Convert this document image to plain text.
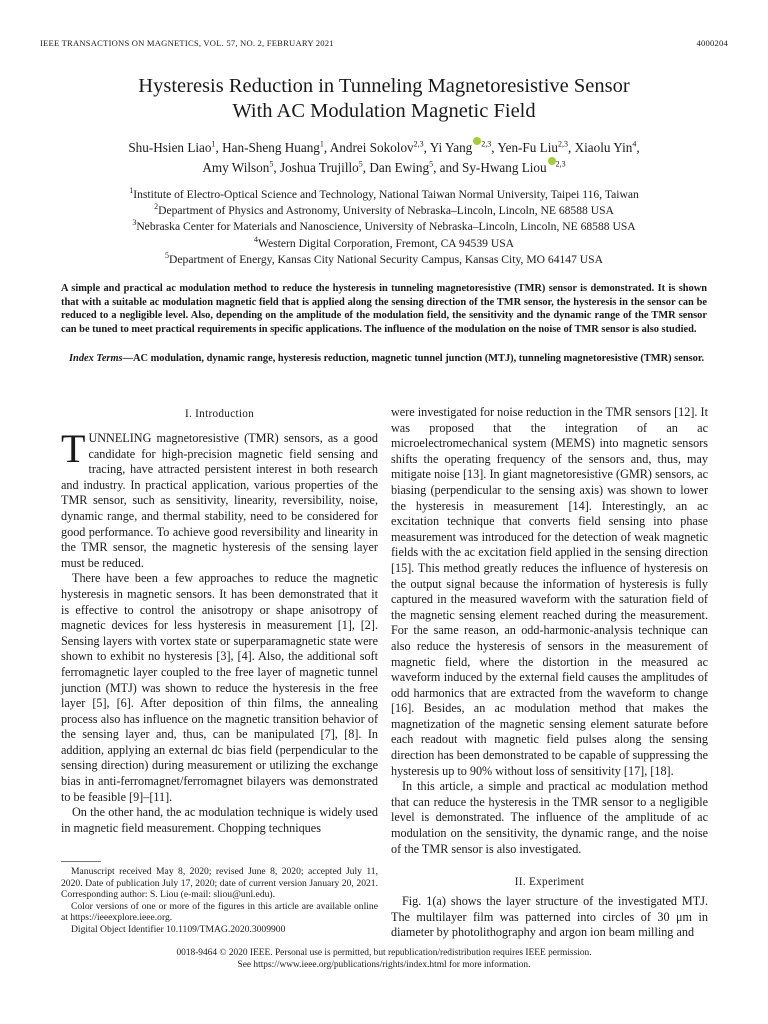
IEEE TRANSACTIONS ON MAGNETICS, VOL. 57, NO. 2, FEBRUARY 2021	4000204
Hysteresis Reduction in Tunneling Magnetoresistive Sensor
With AC Modulation Magnetic Field
Shu-Hsien Liao$^1$, Han-Sheng Huang$^1$, Andrei Sokolov$^{2,3}$, Yi Yang $^{2,3}$, Yen-Fu Liu$^{2,3}$, Xiaolu Yin$^4$,
Amy Wilson$^5$, Joshua Trujillo$^5$, Dan Ewing$^5$, and Sy-Hwang Liou $^{2,3}$
$^1$Institute of Electro-Optical Science and Technology, National Taiwan Normal University, Taipei 116, Taiwan
$^2$Department of Physics and Astronomy, University of Nebraska–Lincoln, Lincoln, NE 68588 USA
$^3$Nebraska Center for Materials and Nanoscience, University of Nebraska–Lincoln, Lincoln, NE 68588 USA
$^4$Western Digital Corporation, Fremont, CA 94539 USA
$^5$Department of Energy, Kansas City National Security Campus, Kansas City, MO 64147 USA

A simple and practical ac modulation method to reduce the hysteresis in tunneling magnetoresistive (TMR) sensor is demonstrated. It is shown that with a suitable ac modulation magnetic field that is applied along the sensing direction of the TMR sensor, the hysteresis in the sensor can be reduced to a negligible level. Also, depending on the amplitude of the modulation field, the sensitivity and the dynamic range of the TMR sensor can be tuned to meet practical requirements in specific applications. The influence of the modulation on the noise of TMR sensor is also studied.

Index Terms—AC modulation, dynamic range, hysteresis reduction, magnetic tunnel junction (MTJ), tunneling magnetoresistive (TMR) sensor.
I. Introduction

TUNNELING magnetoresistive (TMR) sensors, as a good candidate for high-precision magnetic field sensing and tracing, have attracted persistent interest in both research and industry. In practical application, various properties of the TMR sensor, such as sensitivity, linearity, reversibility, noise, dynamic range, and thermal stability, need to be considered for good performance. To achieve good reversibility and linearity in the TMR sensor, the magnetic hysteresis of the sensing layer must be reduced.

There have been a few approaches to reduce the magnetic hysteresis in magnetic sensors. It has been demonstrated that it is effective to control the anisotropy or shape anisotropy of magnetic devices for less hysteresis in measurement [1], [2]. Sensing layers with vortex state or superparamagnetic state were shown to exhibit no hysteresis [3], [4]. Also, the additional soft ferromagnetic layer coupled to the free layer of magnetic tunnel junction (MTJ) was shown to reduce the hysteresis in the free layer [5], [6]. After deposition of thin films, the annealing process also has influence on the magnetic transition behavior of the sensing layer and, thus, can be manipulated [7], [8]. In addition, applying an external dc bias field (perpendicular to the sensing direction) during measurement or utilizing the exchange bias in anti-ferromagnet/ferromagnet bilayers was demonstrated to be feasible [9]–[11].

On the other hand, the ac modulation technique is widely used in magnetic field measurement. Chopping techniques

Manuscript received May 8, 2020; revised June 8, 2020; accepted July 11, 2020. Date of publication July 17, 2020; date of current version January 20, 2021. Corresponding author: S. Liou (e-mail: sliou@unl.edu).

Color versions of one or more of the figures in this article are available online at https://ieeexplore.ieee.org.

Digital Object Identifier 10.1109/TMAG.2020.3009900

were investigated for noise reduction in the TMR sensors [12]. It was proposed that the integration of an ac microelectromechanical system (MEMS) into magnetic sensors shifts the operating frequency of the sensors and, thus, may mitigate noise [13]. In giant magnetoresistive (GMR) sensors, ac biasing (perpendicular to the sensing axis) was shown to lower the hysteresis in measurement [14]. Interestingly, an ac excitation technique that converts field sensing into phase measurement was introduced for the detection of weak magnetic fields with the ac excitation field applied in the sensing direction [15]. This method greatly reduces the influence of hysteresis on the output signal because the information of hysteresis is fully captured in the measured waveform with the saturation field of the magnetic sensing element reached during the measurement. For the same reason, an odd-harmonic-analysis technique can also reduce the hysteresis of sensors in the measurement of magnetic field, where the distortion in the measured ac waveform induced by the external field causes the amplitudes of odd harmonics that are extracted from the waveform to change [16]. Besides, an ac modulation method that makes the magnetization of the magnetic sensing element saturate before each readout with magnetic field pulses along the sensing direction has been demonstrated to be capable of suppressing the hysteresis up to 90% without loss of sensitivity [17], [18].

In this article, a simple and practical ac modulation method that can reduce the hysteresis in the TMR sensor to a negligible level is demonstrated. The influence of the amplitude of ac modulation on the sensitivity, the dynamic range, and the noise of the TMR sensor is also investigated.

II. Experiment

Fig. 1(a) shows the layer structure of the investigated MTJ. The multilayer film was patterned into circles of 30 μm in diameter by photolithography and argon ion beam milling and

0018-9464 © 2020 IEEE. Personal use is permitted, but republication/redistribution requires IEEE permission.
See https://www.ieee.org/publications/rights/index.html for more information.
